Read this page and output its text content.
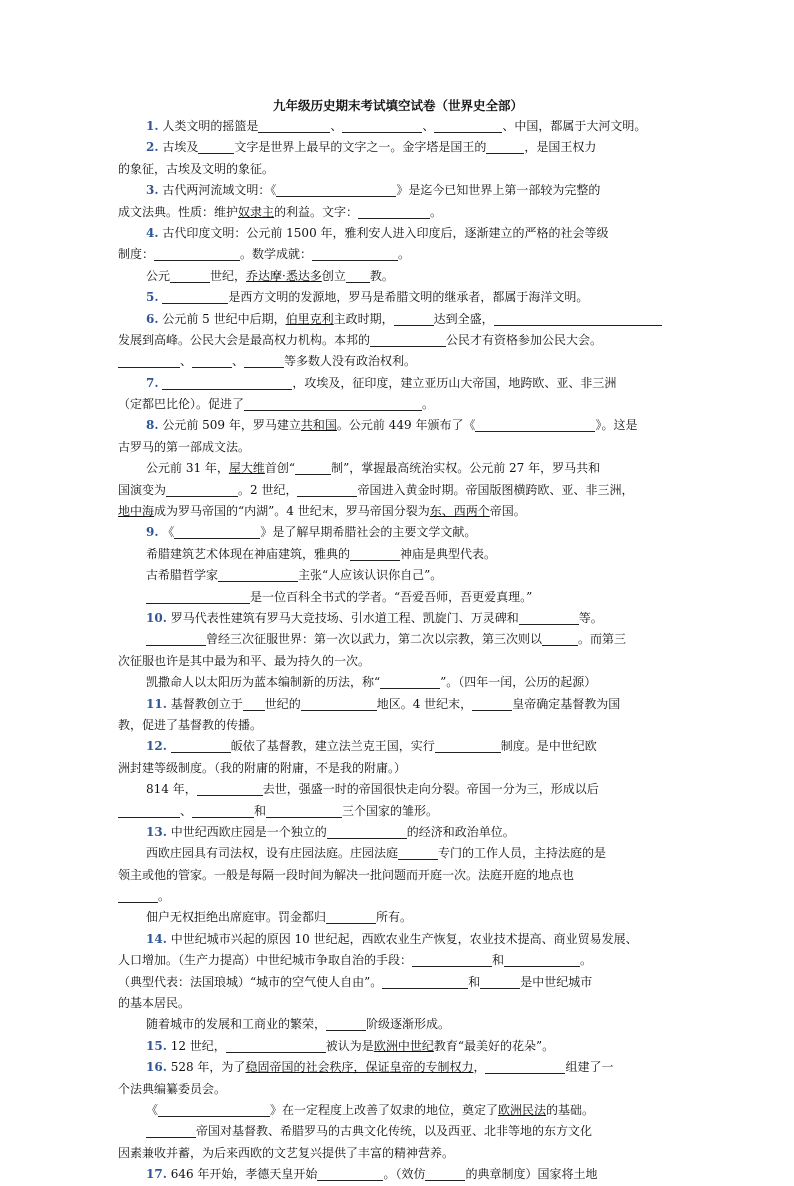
九年级历史期末考试填空试卷（世界史全部）

1. 人类文明的摇篮是	、	、	、中国，都属于大河文明。
2. 古埃及	文字是世界上最早的文字之一。金字塔是国王的	，是国王权力
的象征，古埃及文明的象征。
3. 古代两河流域文明：《	》是迄今已知世界上第一部较为完整的
成文法典。性质：维护奴隶主的利益。文字：	。
4. 古代印度文明：公元前 1500 年，雅利安人进入印度后，逐渐建立的严格的社会等级
制度：	。数学成就：	。
公元	世纪，乔达摩·悉达多创立 教。
5.	是西方文明的发源地，罗马是希腊文明的继承者，都属于海洋文明。
6. 公元前 5 世纪中后期，伯里克利主政时期，	达到全盛，
发展到高峰。公民大会是最高权力机构。本邦的	公民才有资格参加公民大会。
、	、	等多数人没有政治权利。
7.	，攻埃及，征印度，建立亚历山大帝国，地跨欧、亚、非三洲
（定都巴比伦）。促进了	。
8. 公元前 509 年，罗马建立共和国。公元前 449 年颁布了《	》。这是
古罗马的第一部成文法。
公元前 31 年，屋大维首创“	制”，掌握最高统治实权。公元前 27 年，罗马共和
国演变为	。2 世纪，	帝国进入黄金时期。帝国版图横跨欧、亚、非三洲，
地中海成为罗马帝国的“内湖”。4 世纪末，罗马帝国分裂为东、西两个帝国。
9. 《	》是了解早期希腊社会的主要文学文献。
希腊建筑艺术体现在神庙建筑，雅典的	神庙是典型代表。
古希腊哲学家	主张“人应该认识你自己”。
是一位百科全书式的学者。“吾爱吾师，吾更爱真理。”
10. 罗马代表性建筑有罗马大竞技场、引水道工程、凯旋门、万灵碑和	等。
曾经三次征服世界：第一次以武力，第二次以宗教，第三次则以	。而第三
次征服也许是其中最为和平、最为持久的一次。
凯撒命人以太阳历为蓝本编制新的历法，称“	”。（四年一闰，公历的起源）
11. 基督教创立于 世纪的	地区。4 世纪末，	皇帝确定基督教为国
教，促进了基督教的传播。
12.	皈依了基督教，建立法兰克王国，实行	制度。是中世纪欧
洲封建等级制度。（我的附庸的附庸，不是我的附庸。）
814 年，	去世，强盛一时的帝国很快走向分裂。帝国一分为三，形成以后
、	和	三个国家的雏形。
13. 中世纪西欧庄园是一个独立的	的经济和政治单位。
西欧庄园具有司法权，设有庄园法庭。庄园法庭	专门的工作人员，主持法庭的是
领主或他的管家。一般是每隔一段时间为解决一批问题而开庭一次。法庭开庭的地点也
。
佃户无权拒绝出席庭审。罚金都归	所有。
14. 中世纪城市兴起的原因 10 世纪起，西欧农业生产恢复，农业技术提高、商业贸易发展、
人口增加。（生产力提高）中世纪城市争取自治的手段：	和	。
（典型代表：法国琅城）“城市的空气使人自由”。	和	是中世纪城市
的基本居民。
随着城市的发展和工商业的繁荣，	阶级逐渐形成。
15. 12 世纪，	被认为是欧洲中世纪教育“最美好的花朵”。
16. 528 年，为了稳固帝国的社会秩序，保证皇帝的专制权力，	组建了一
个法典编纂委员会。
《	》在一定程度上改善了奴隶的地位，奠定了欧洲民法的基础。
帝国对基督教、希腊罗马的古典文化传统，以及西亚、北非等地的东方文化
因素兼收并蓄，为后来西欧的文艺复兴提供了丰富的精神营养。
17. 646 年开始，孝德天皇开始	。（效仿	的典章制度）国家将土地
